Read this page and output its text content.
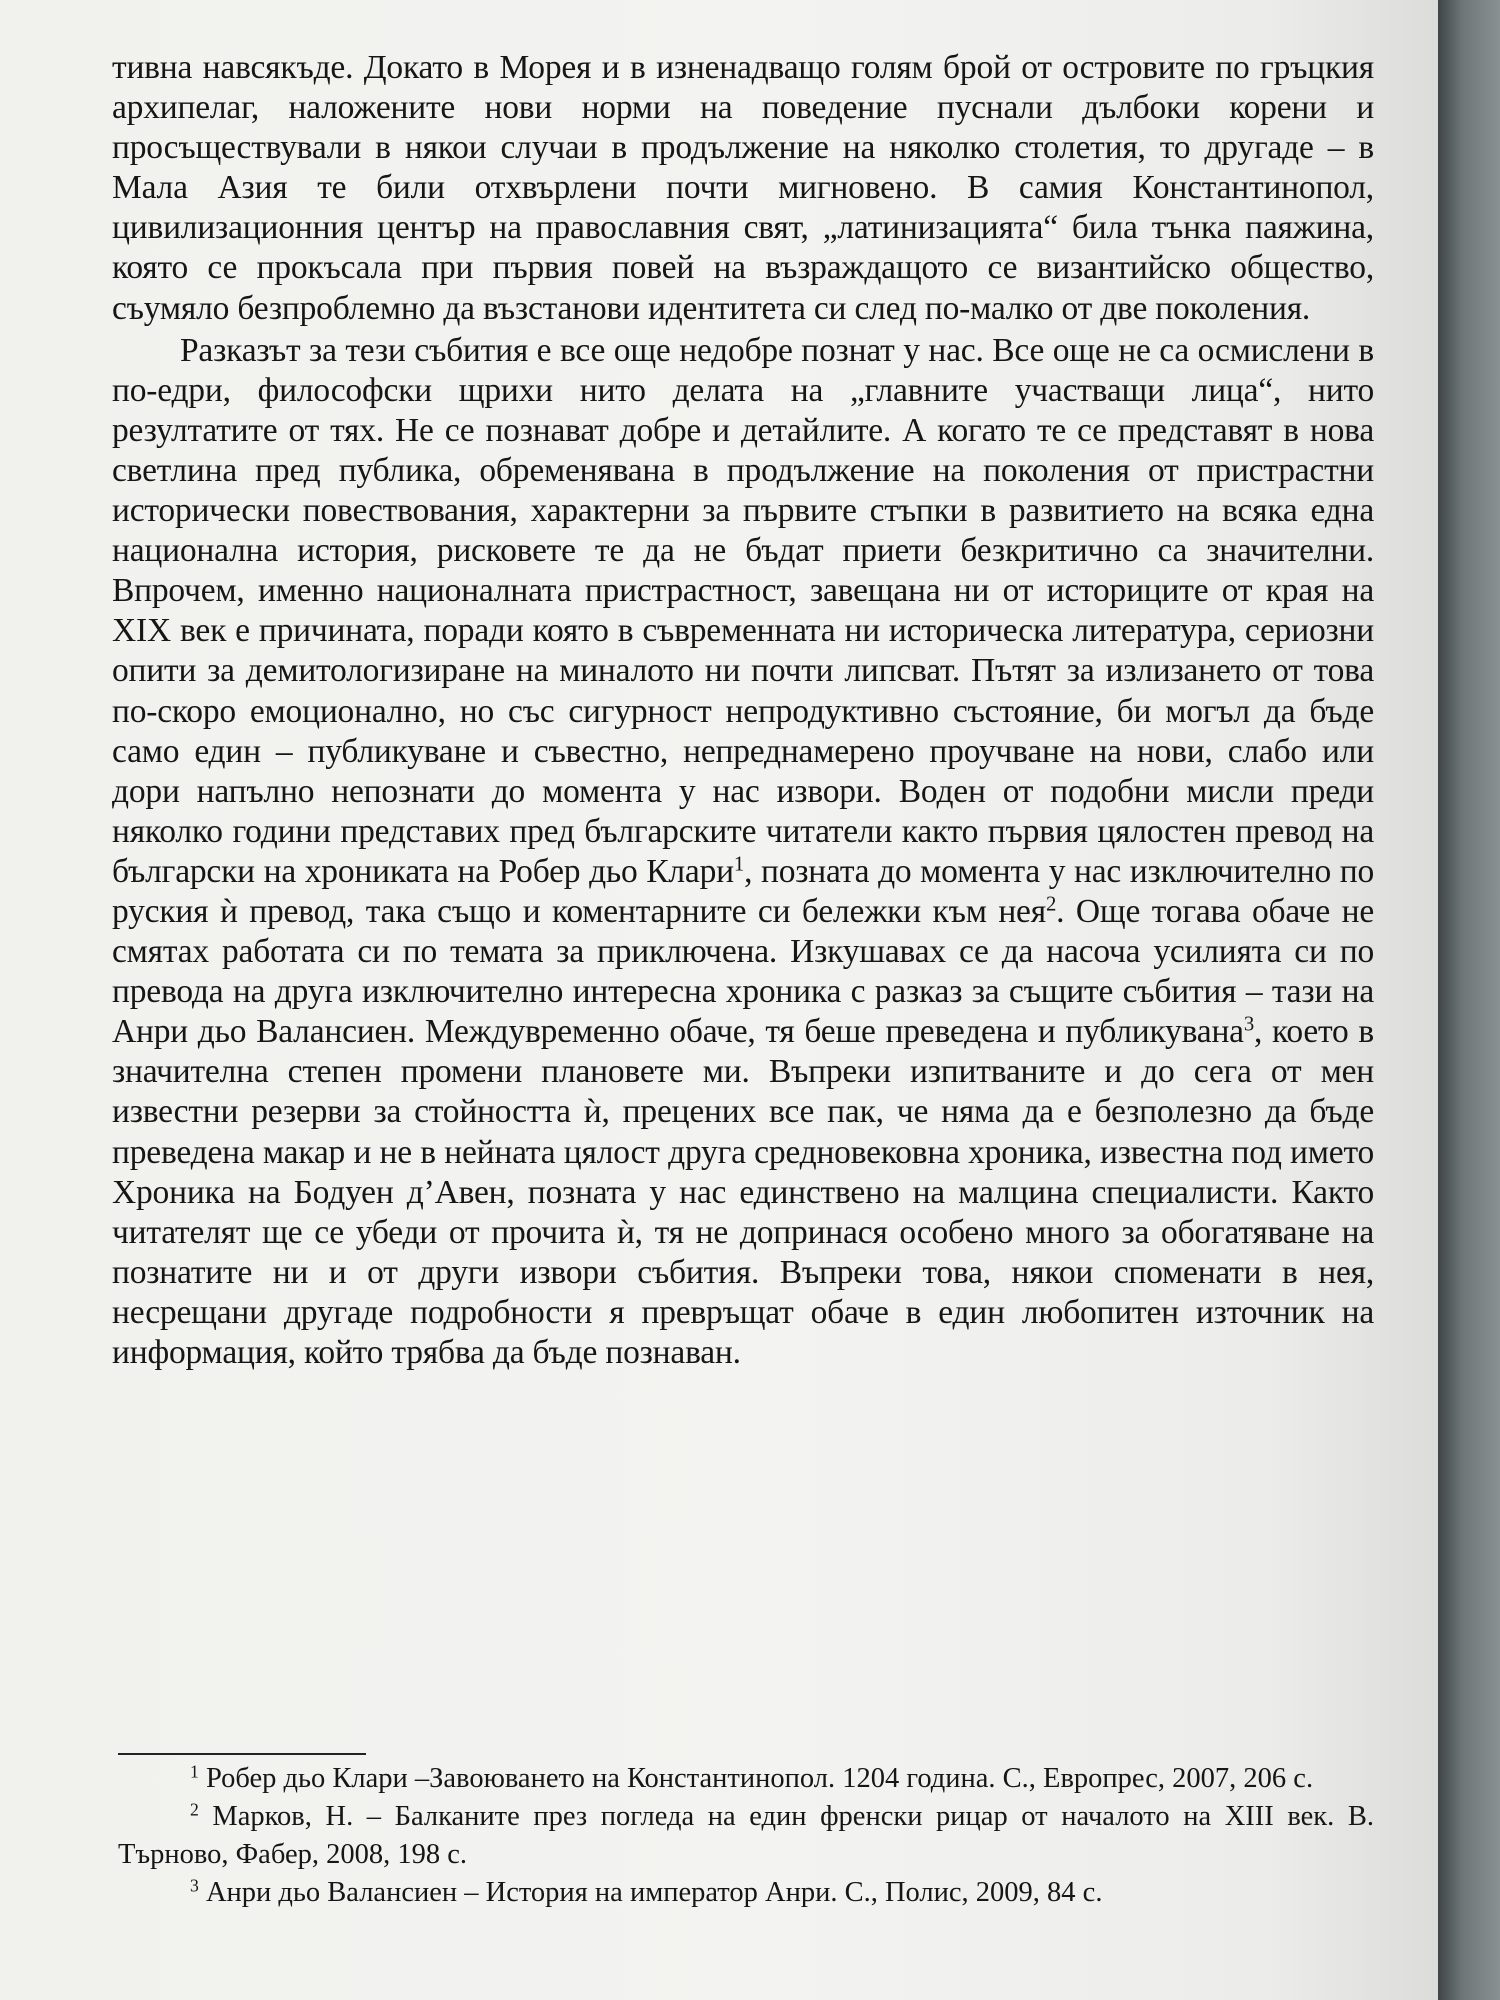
тивна навсякъде. Докато в Морея и в изненадващо голям брой от островите по гръцкия архипелаг, наложените нови норми на поведение пуснали дълбоки корени и просъществували в някои случаи в продължение на няколко столетия, то другаде – в Мала Азия те били отхвърлени почти мигновено. В самия Константинопол, цивилизационния център на православния свят, „латинизацията“ била тънка паяжина, която се прокъсала при първия повей на възраждащото се византийско общество, съумяло безпроблемно да възстанови идентитета си след по-малко от две поколения.

Разказът за тези събития е все още недобре познат у нас. Все още не са осмислени в по-едри, философски щрихи нито делата на „главните участващи лица“, нито резултатите от тях. Не се познават добре и детайлите. А когато те се представят в нова светлина пред публика, обременявана в продължение на поколения от пристрастни исторически повествования, характерни за първите стъпки в развитието на всяка една национална история, рисковете те да не бъдат приети безкритично са значителни. Впрочем, именно националната пристрастност, завещана ни от историците от края на XIX век е причината, поради която в съвременната ни историческа литература, сериозни опити за демитологизиране на миналото ни почти липсват. Пътят за излизането от това по-скоро емоционално, но със сигурност непродуктивно състояние, би могъл да бъде само един – публикуване и съвестно, непреднамерено проучване на нови, слабо или дори напълно непознати до момента у нас извори. Воден от подобни мисли преди няколко години представих пред българските читатели както първия цялостен превод на български на хрониката на Робер дьо Клари$^1$, позната до момента у нас изключително по руския ѝ превод, така също и коментарните си бележки към нея$^2$. Още тогава обаче не смятах работата си по темата за приключена. Изкушавах се да насоча усилията си по превода на друга изключително интересна хроника с разказ за същите събития – тази на Анри дьо Валансиен. Междувременно обаче, тя беше преведена и публикувана$^3$, което в значителна степен промени плановете ми. Въпреки изпитваните и до сега от мен известни резерви за стойността ѝ, прецених все пак, че няма да е безполезно да бъде преведена макар и не в нейната цялост друга средновековна хроника, известна под името Хроника на Бодуен д’Авен, позната у нас единствено на малцина специалисти. Както читателят ще се убеди от прочита ѝ, тя не допринася особено много за обогатяване на познатите ни и от други извори събития. Въпреки това, някои споменати в нея, несрещани другаде подробности я превръщат обаче в един любопитен източник на информация, който трябва да бъде познаван.

$^1$ Робер дьо Клари –Завоюването на Константинопол. 1204 година. С., Европрес, 2007, 206 с.

$^2$ Марков, Н. – Балканите през погледа на един френски рицар от началото на XIII век. В. Търново, Фабер, 2008, 198 с.

$^3$ Анри дьо Валансиен – История на император Анри. С., Полис, 2009, 84 с.
